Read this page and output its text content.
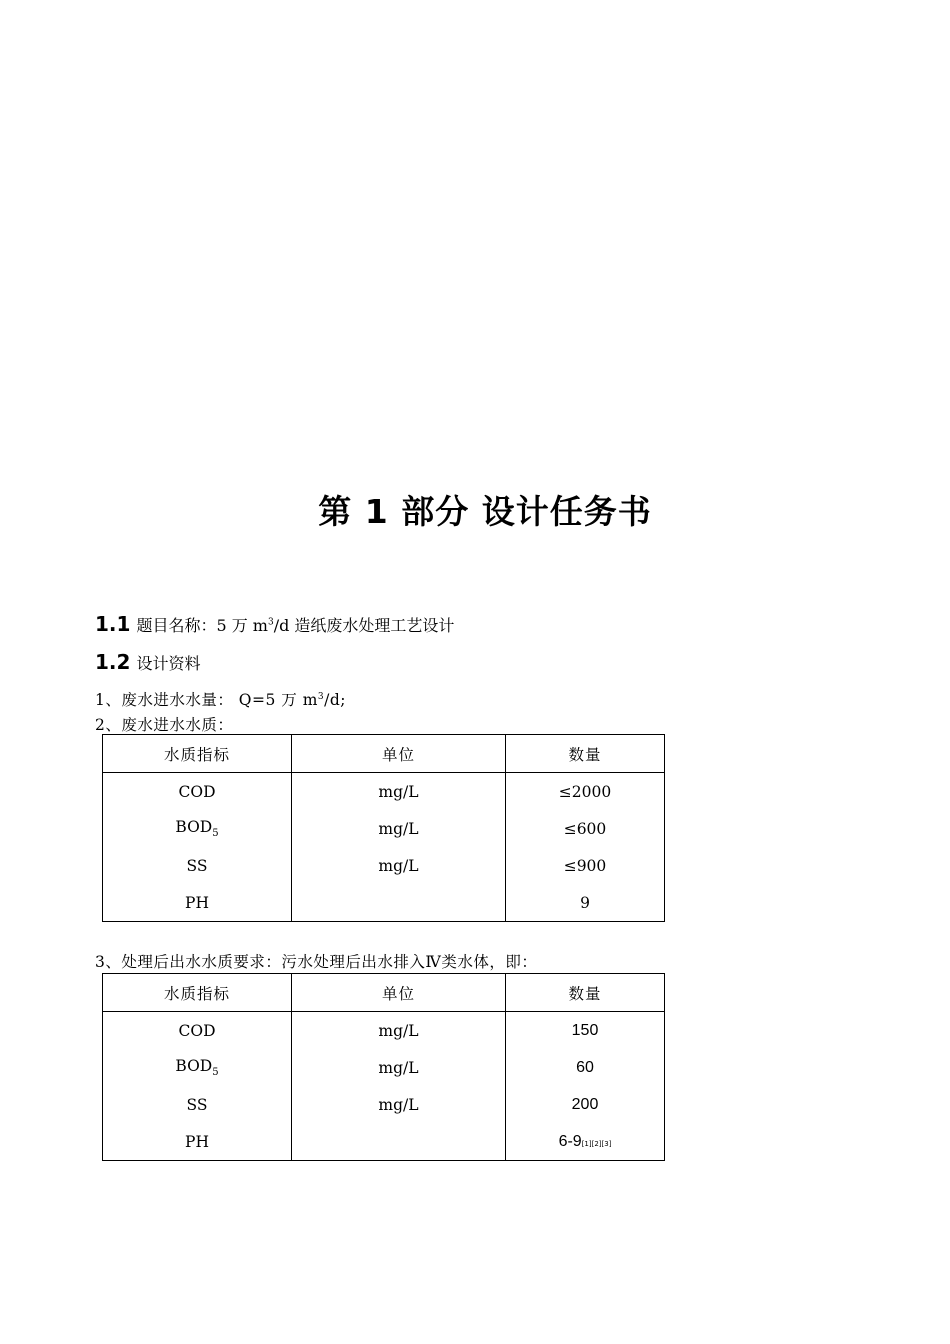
第 1 部分 设计任务书
1.1 题目名称：5 万 $m^3/d$ 造纸废水处理工艺设计
1.2 设计资料
1、废水进水水量： Q=5 万 $m^3/d$;
2、废水进水水质：
水质指标	单位	数量
COD	mg/L	≤2000
$BOD_5$	mg/L	≤600
SS	mg/L	≤900
PH		9
3、处理后出水水质要求：污水处理后出水排入Ⅳ类水体，即：
水质指标	单位	数量
COD	mg/L	150
$BOD_5$	mg/L	60
SS	mg/L	200
PH		6-9[1][2][3]
